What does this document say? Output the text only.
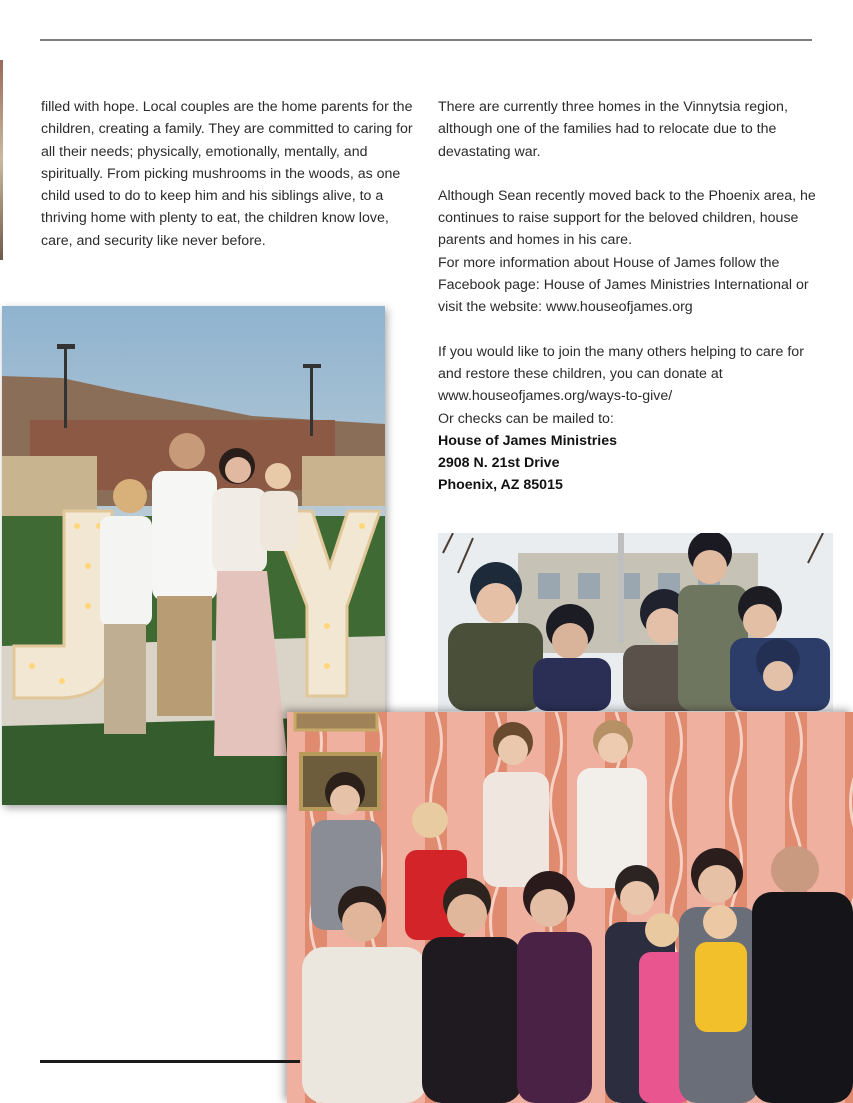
filled with hope. Local couples are the home parents for the children, creating a family. They are committed to caring for all their needs; physically, emotionally, mentally, and spiritually. From picking mushrooms in the woods, as one child used to do to keep him and his siblings alive, to a thriving home with plenty to eat, the children know love, care, and security like never before.

There are currently three homes in the Vinnytsia region, although one of the families had to relocate due to the devastating war.

Although Sean recently moved back to the Phoenix area, he continues to raise support for the beloved children, house parents and homes in his care.

For more information about House of James follow the Facebook page: House of James Ministries International or visit the website: www.houseofjames.org

If you would like to join the many others helping to care for and restore these children, you can donate at www.houseofjames.org/ways-to-give/

Or checks can be mailed to:

House of James Ministries

2908 N. 21st Drive

Phoenix, AZ 85015
